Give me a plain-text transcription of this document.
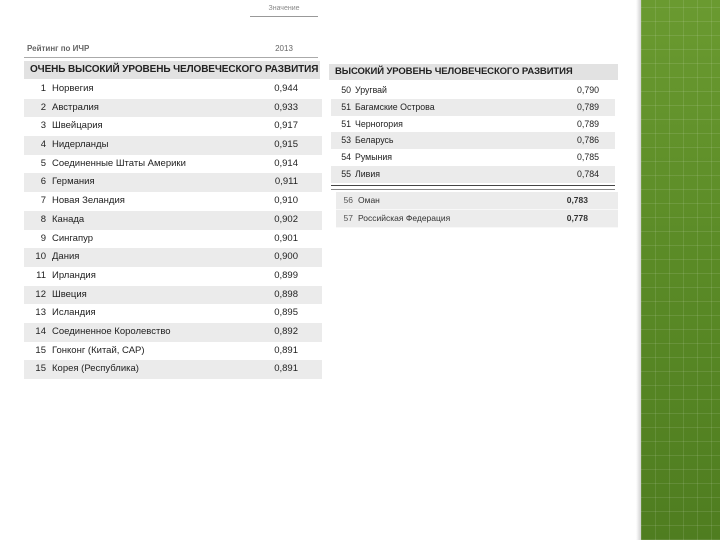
Значение
Рейтинг по ИЧР	2013
ОЧЕНЬ ВЫСОКИЙ УРОВЕНЬ ЧЕЛОВЕЧЕСКОГО РАЗВИТИЯ
1 Норвегия	0,944
2 Австралия	0,933
3 Швейцария	0,917
4 Нидерланды	0,915
5 Соединенные Штаты Америки	0,914
6 Германия	0,911
7 Новая Зеландия	0,910
8 Канада	0,902
9 Сингапур	0,901
10 Дания	0,900
11 Ирландия	0,899
12 Швеция	0,898
13 Исландия	0,895
14 Соединенное Королевство	0,892
15 Гонконг (Китай, САР)	0,891
15 Корея (Республика)	0,891
ВЫСОКИЙ УРОВЕНЬ ЧЕЛОВЕЧЕСКОГО РАЗВИТИЯ
50 Уругвай	0,790
51 Багамские Острова	0,789
51 Черногория	0,789
53 Беларусь	0,786
54 Румыния	0,785
55 Ливия	0,784
56 Оман	0,783
57 Российская Федерация	0,778
